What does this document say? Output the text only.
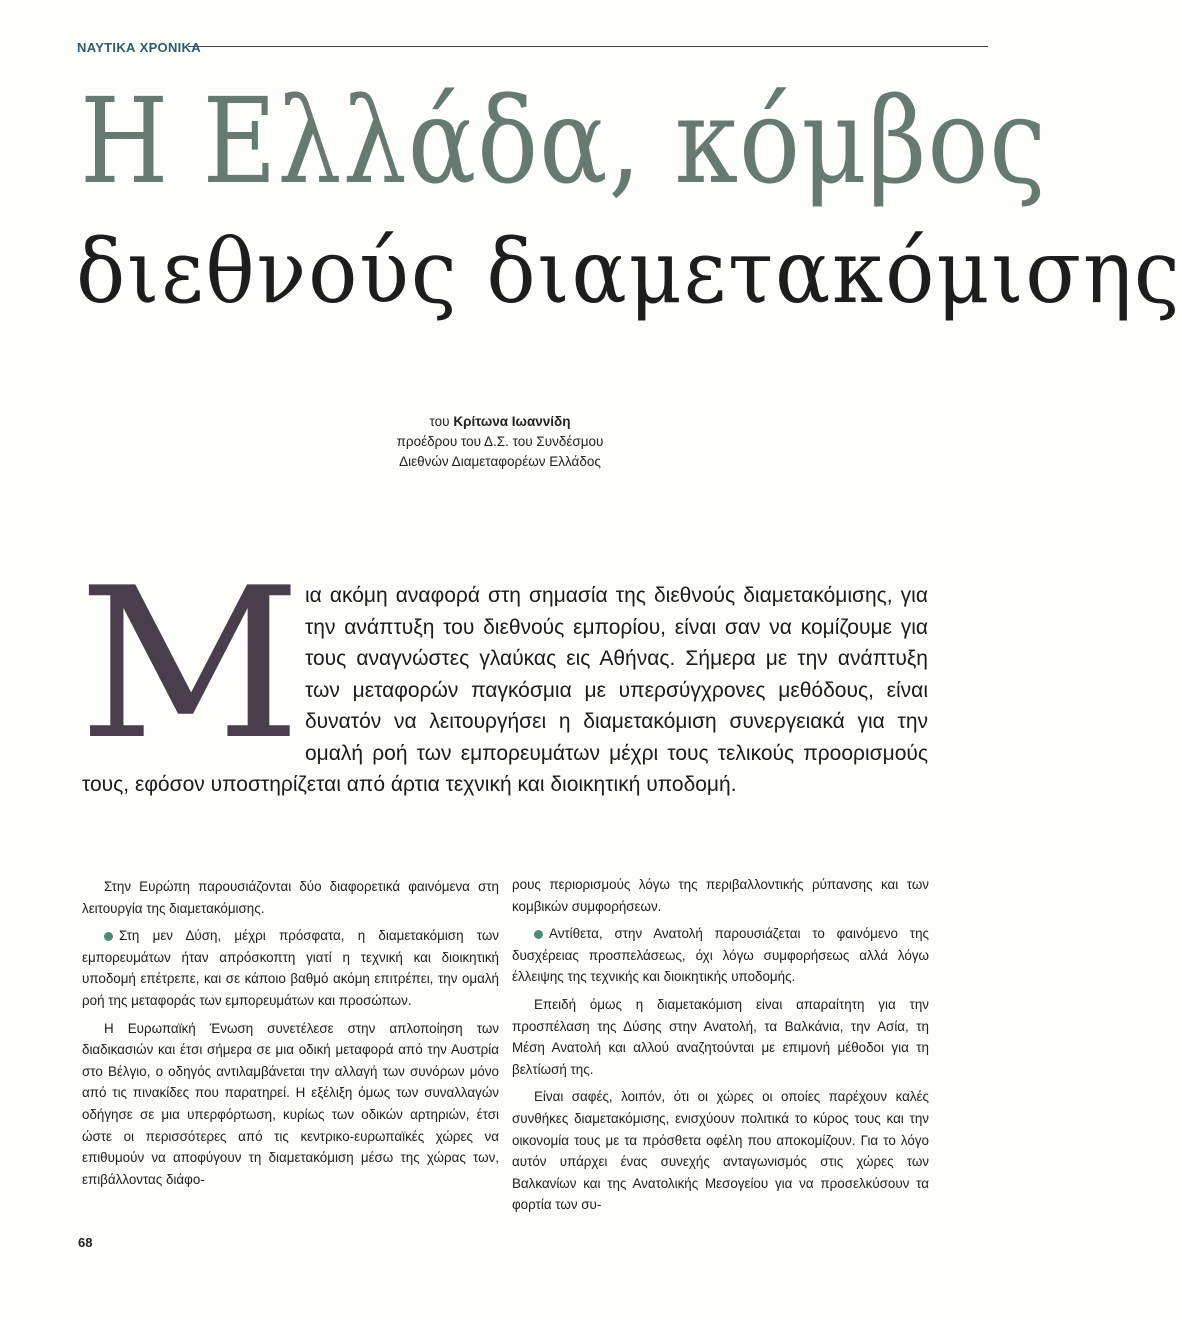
ΝΑΥΤΙΚΑ ΧΡΟΝΙΚΑ
Η Ελλάδα, κόμβος
διεθνούς διαμετακόμισης
του Κρίτωνα Ιωαννίδη
προέδρου του Δ.Σ. του Συνδέσμου
Διεθνών Διαμεταφορέων Ελλάδος
Μ ια ακόμη αναφορά στη σημασία της διεθνούς διαμετακόμισης, για την ανάπτυξη του διεθνούς εμπορίου, είναι σαν να κομίζουμε για τους αναγνώστες γλαύκας εις Αθήνας. Σήμερα με την ανάπτυξη των μεταφορών παγκόσμια με υπερσύγχρονες μεθόδους, είναι δυνατόν να λειτουργήσει η διαμετακόμιση συνεργειακά για την ομαλή ροή των εμπορευμάτων μέχρι τους τελικούς προορισμούς τους, εφόσον υποστηρίζεται από άρτια τεχνική και διοικητική υποδομή.

Στην Ευρώπη παρουσιάζονται δύο διαφορετικά φαινόμενα στη λειτουργία της διαμετακόμισης.

Στη μεν Δύση, μέχρι πρόσφατα, η διαμετακόμιση των εμπορευμάτων ήταν απρόσκοπτη γιατί η τεχνική και διοικητική υποδομή επέτρεπε, και σε κάποιο βαθμό ακόμη επιτρέπει, την ομαλή ροή της μεταφοράς των εμπορευμάτων και προσώπων.

Η Ευρωπαϊκή Ένωση συνετέλεσε στην απλοποίηση των διαδικασιών και έτσι σήμερα σε μια οδική μεταφορά από την Αυστρία στο Βέλγιο, ο οδηγός αντιλαμβάνεται την αλλαγή των συνόρων μόνο από τις πινακίδες που παρατηρεί. Η εξέλιξη όμως των συναλλαγών οδήγησε σε μια υπερφόρτωση, κυρίως των οδικών αρτηριών, έτσι ώστε οι περισσότερες από τις κεντρικο-ευρωπαϊκές χώρες να επιθυμούν να αποφύγουν τη διαμετακόμιση μέσω της χώρας των, επιβάλλοντας διάφο-

ρους περιορισμούς λόγω της περιβαλλοντικής ρύπανσης και των κομβικών συμφορήσεων.

Αντίθετα, στην Ανατολή παρουσιάζεται το φαινόμενο της δυσχέρειας προσπελάσεως, όχι λόγω συμφορήσεως αλλά λόγω έλλειψης της τεχνικής και διοικητικής υποδομής.

Επειδή όμως η διαμετακόμιση είναι απαραίτητη για την προσπέλαση της Δύσης στην Ανατολή, τα Βαλκάνια, την Ασία, τη Μέση Ανατολή και αλλού αναζητούνται με επιμονή μέθοδοι για τη βελτίωσή της.

Είναι σαφές, λοιπόν, ότι οι χώρες οι οποίες παρέχουν καλές συνθήκες διαμετακόμισης, ενισχύουν πολιτικά το κύρος τους και την οικονομία τους με τα πρόσθετα οφέλη που αποκομίζουν. Για το λόγο αυτόν υπάρχει ένας συνεχής ανταγωνισμός στις χώρες των Βαλκανίων και της Ανατολικής Μεσογείου για να προσελκύσουν τα φορτία των συ-

68
